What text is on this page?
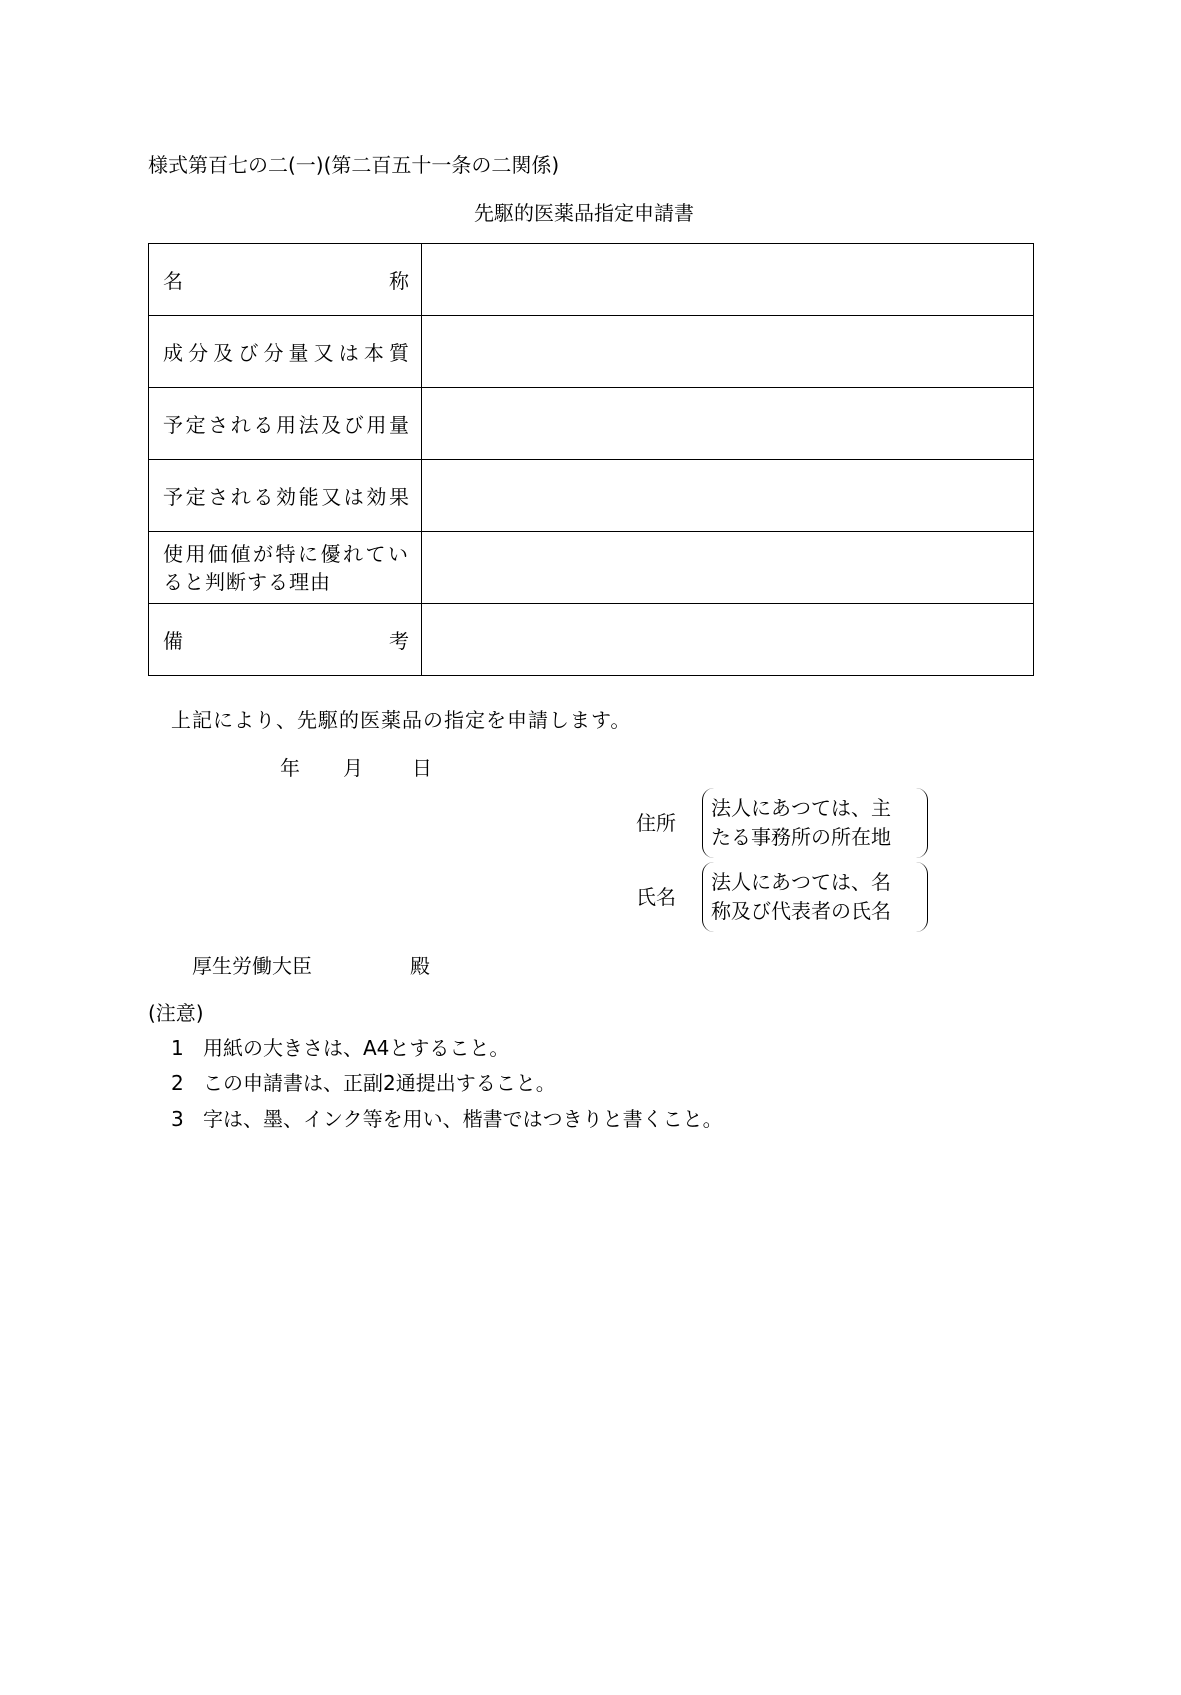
様式第百七の二(一)(第二百五十一条の二関係)
先駆的医薬品指定申請書
名 称	

成分及び分量又は本質	

予定される用法及び用量	

予定される効能又は効果	

使用価値が特に優れてい
ると判断する理由	

備 考	

上記により、先駆的医薬品の指定を申請します。
年 月 日
住所
法人にあつては、主
たる事務所の所在地
氏名
法人にあつては、名
称及び代表者の氏名
厚生労働大臣	殿
(注意)
1 用紙の大きさは、A4とすること。
2 この申請書は、正副2通提出すること。
3 字は、墨、インク等を用い、楷書ではつきりと書くこと。
